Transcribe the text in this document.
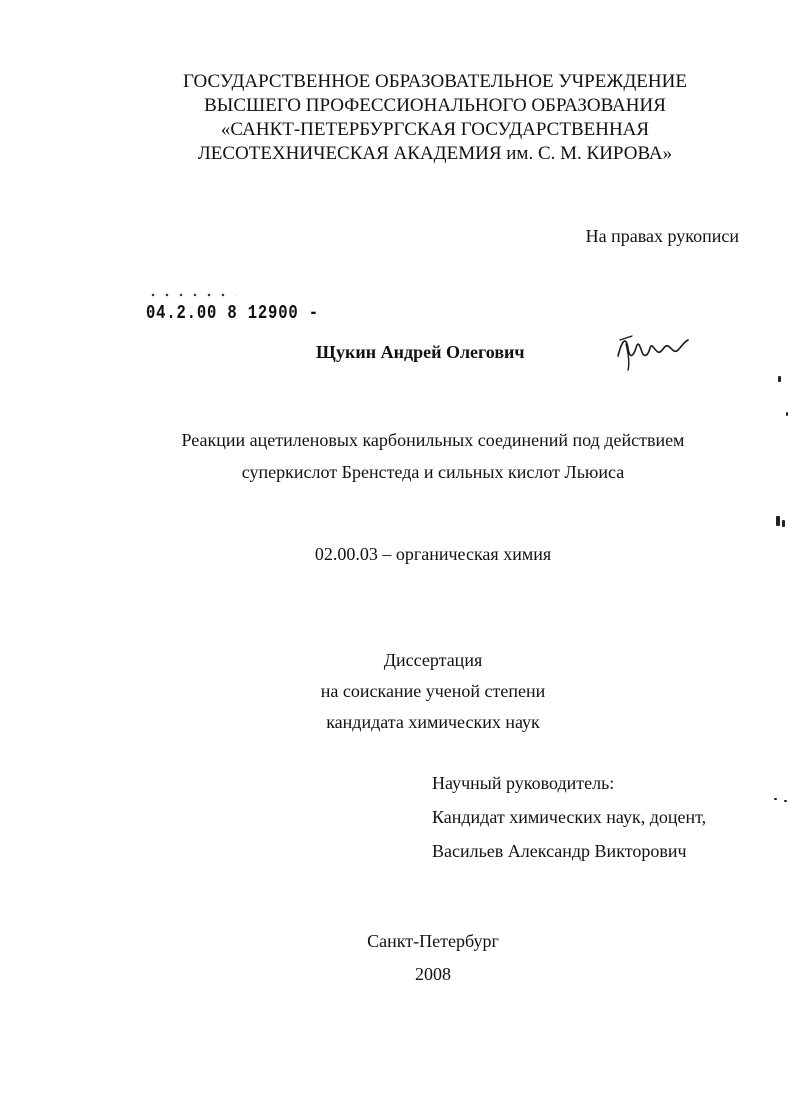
ГОСУДАРСТВЕННОЕ ОБРАЗОВАТЕЛЬНОЕ УЧРЕЖДЕНИЕ
ВЫСШЕГО ПРОФЕССИОНАЛЬНОГО ОБРАЗОВАНИЯ
«САНКТ-ПЕТЕРБУРГСКАЯ ГОСУДАРСТВЕННАЯ
ЛЕСОТЕХНИЧЕСКАЯ АКАДЕМИЯ им. С. М. КИРОВА»
На правах рукописи
04.2.00 8 12900 -
Щукин Андрей Олегович
Реакции ацетиленовых карбонильных соединений под действием
суперкислот Бренстеда и сильных кислот Льюиса
02.00.03 – органическая химия
Диссертация
на соискание ученой степени
кандидата химических наук
Научный руководитель:
Кандидат химических наук, доцент,
Васильев Александр Викторович
Санкт-Петербург
2008
